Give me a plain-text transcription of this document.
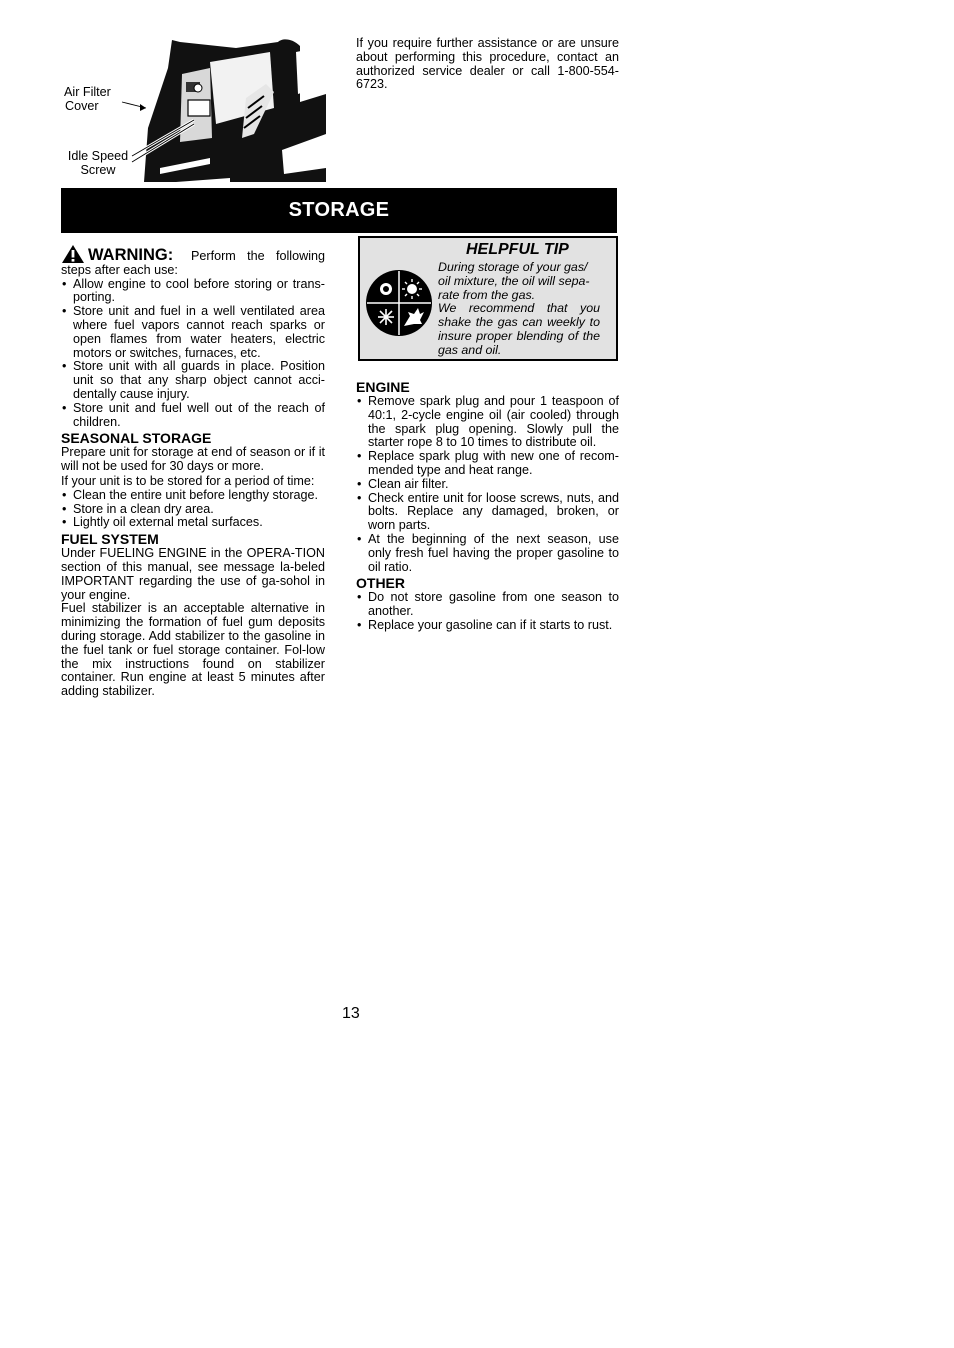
Air Filter
Cover
Idle Speed
Screw

If you require further assistance or are unsure about performing this procedure, contact an authorized service dealer or call 1-800-554-6723.

STORAGE
WARNING:	Perform the following steps after each use:

• Allow engine to cool before storing or trans-porting.
• Store unit and fuel in a well ventilated area where fuel vapors cannot reach sparks or open flames from water heaters, electric motors or switches, furnaces, etc.
• Store unit with all guards in place. Position unit so that any sharp object cannot acci-dentally cause injury.
• Store unit and fuel well out of the reach of children.
SEASONAL STORAGE

Prepare unit for storage at end of season or if it will not be used for 30 days or more.

If your unit is to be stored for a period of time:

• Clean the entire unit before lengthy storage.
• Store in a clean dry area.
• Lightly oil external metal surfaces.
FUEL SYSTEM

Under FUELING ENGINE in the OPERA-TION section of this manual, see message la-beled IMPORTANT regarding the use of ga-sohol in your engine.

Fuel stabilizer is an acceptable alternative in minimizing the formation of fuel gum deposits during storage. Add stabilizer to the gasoline in the fuel tank or fuel storage container. Fol-low the mix instructions found on stabilizer container. Run engine at least 5 minutes after adding stabilizer.

HELPFUL TIP

During storage of your gas/ oil mixture, the oil will sepa-rate from the gas.

We recommend that you shake the gas can weekly to insure proper blending of the gas and oil.

ENGINE
• Remove spark plug and pour 1 teaspoon of 40:1, 2-cycle engine oil (air cooled) through the spark plug opening. Slowly pull the starter rope 8 to 10 times to distribute oil.
• Replace spark plug with new one of recom-mended type and heat range.
• Clean air filter.
• Check entire unit for loose screws, nuts, and bolts. Replace any damaged, broken, or worn parts.
• At the beginning of the next season, use only fresh fuel having the proper gasoline to oil ratio.
OTHER
• Do not store gasoline from one season to another.
• Replace your gasoline can if it starts to rust.
13
